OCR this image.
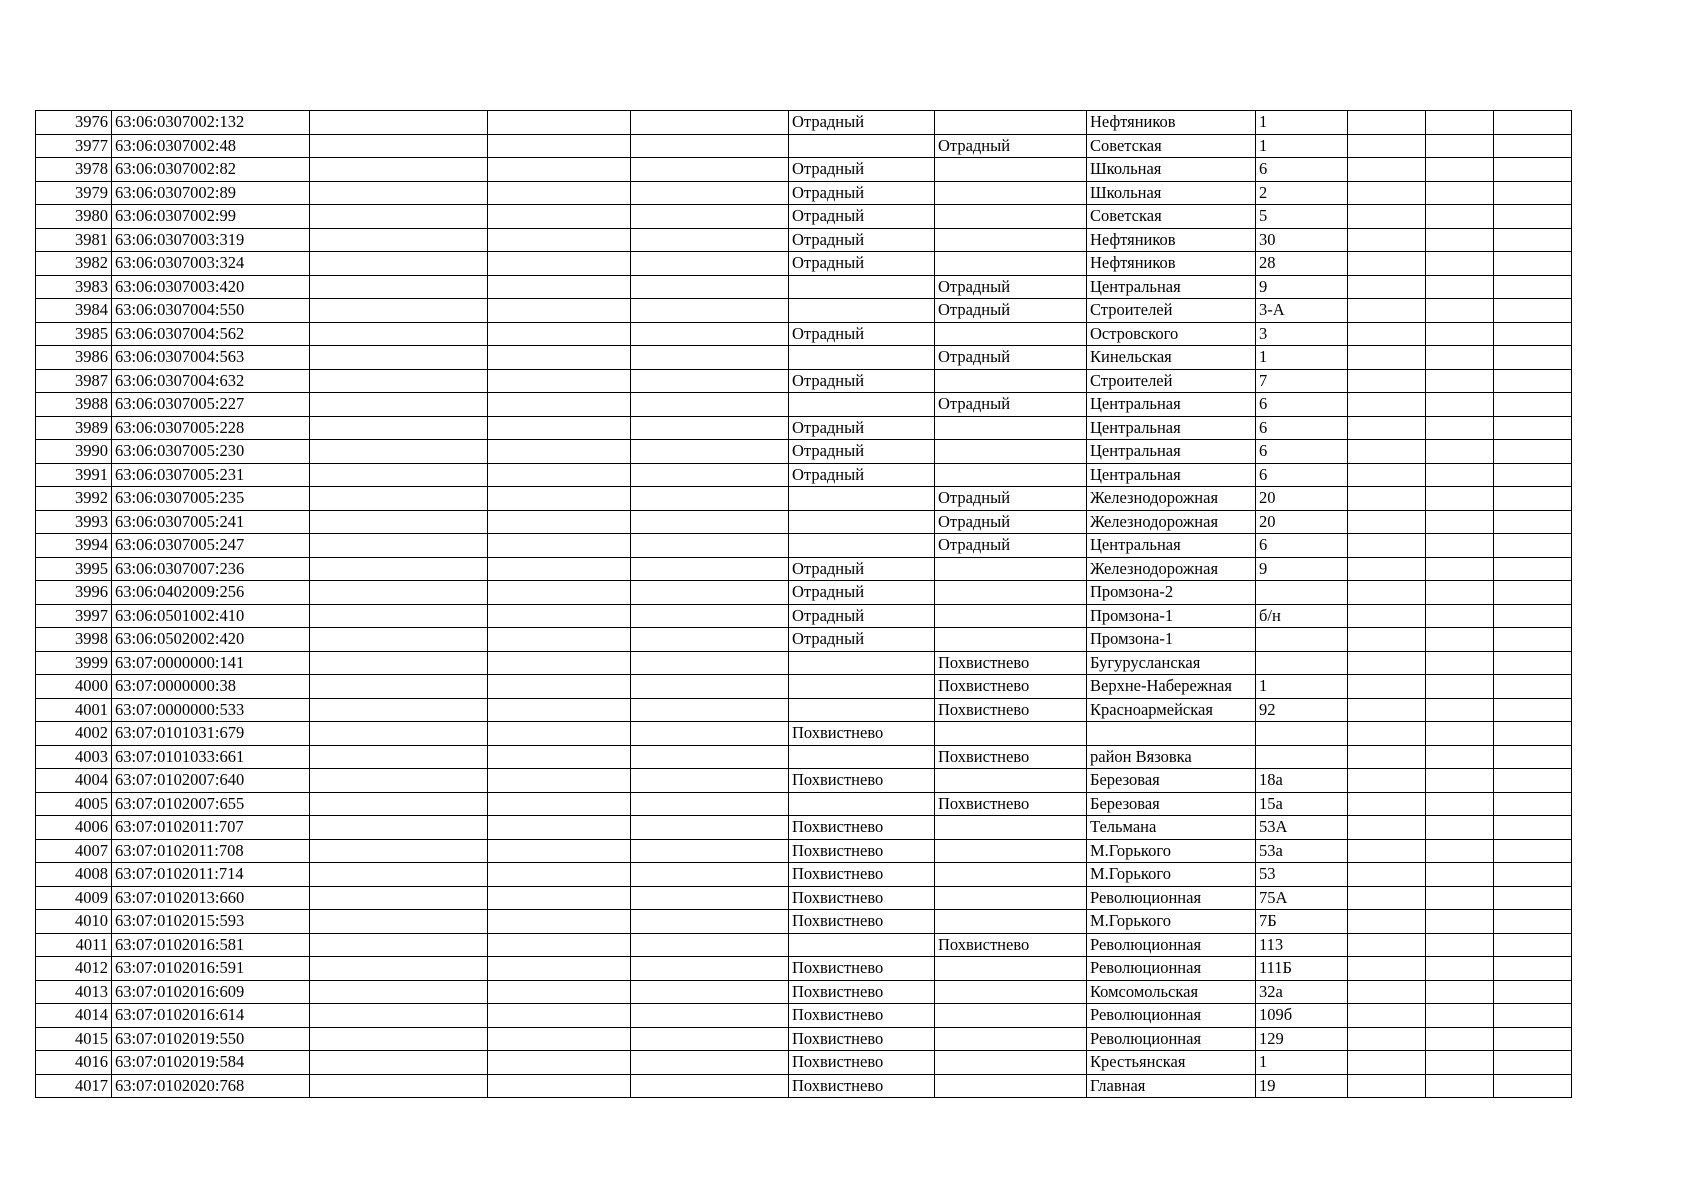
3976	63:06:0307002:132				Отрадный		Нефтяников	1			
3977	63:06:0307002:48					Отрадный	Советская	1			
3978	63:06:0307002:82				Отрадный		Школьная	6			
3979	63:06:0307002:89				Отрадный		Школьная	2			
3980	63:06:0307002:99				Отрадный		Советская	5			
3981	63:06:0307003:319				Отрадный		Нефтяников	30			
3982	63:06:0307003:324				Отрадный		Нефтяников	28			
3983	63:06:0307003:420					Отрадный	Центральная	9			
3984	63:06:0307004:550					Отрадный	Строителей	3-А			
3985	63:06:0307004:562				Отрадный		Островского	3			
3986	63:06:0307004:563					Отрадный	Кинельская	1			
3987	63:06:0307004:632				Отрадный		Строителей	7			
3988	63:06:0307005:227					Отрадный	Центральная	6			
3989	63:06:0307005:228				Отрадный		Центральная	6			
3990	63:06:0307005:230				Отрадный		Центральная	6			
3991	63:06:0307005:231				Отрадный		Центральная	6			
3992	63:06:0307005:235					Отрадный	Железнодорожная	20			
3993	63:06:0307005:241					Отрадный	Железнодорожная	20			
3994	63:06:0307005:247					Отрадный	Центральная	6			
3995	63:06:0307007:236				Отрадный		Железнодорожная	9			
3996	63:06:0402009:256				Отрадный		Промзона-2				
3997	63:06:0501002:410				Отрадный		Промзона-1	б/н			
3998	63:06:0502002:420				Отрадный		Промзона-1				
3999	63:07:0000000:141					Похвистнево	Бугурусланская				
4000	63:07:0000000:38					Похвистнево	Верхне-Набережная	1			
4001	63:07:0000000:533					Похвистнево	Красноармейская	92			
4002	63:07:0101031:679				Похвистнево						
4003	63:07:0101033:661					Похвистнево	район Вязовка				
4004	63:07:0102007:640				Похвистнево		Березовая	18а			
4005	63:07:0102007:655					Похвистнево	Березовая	15а			
4006	63:07:0102011:707				Похвистнево		Тельмана	53А			
4007	63:07:0102011:708				Похвистнево		М.Горького	53а			
4008	63:07:0102011:714				Похвистнево		М.Горького	53			
4009	63:07:0102013:660				Похвистнево		Революционная	75А			
4010	63:07:0102015:593				Похвистнево		М.Горького	7Б			
4011	63:07:0102016:581					Похвистнево	Революционная	113			
4012	63:07:0102016:591				Похвистнево		Революционная	111Б			
4013	63:07:0102016:609				Похвистнево		Комсомольская	32а			
4014	63:07:0102016:614				Похвистнево		Революционная	109б			
4015	63:07:0102019:550				Похвистнево		Революционная	129			
4016	63:07:0102019:584				Похвистнево		Крестьянская	1			
4017	63:07:0102020:768				Похвистнево		Главная	19			
